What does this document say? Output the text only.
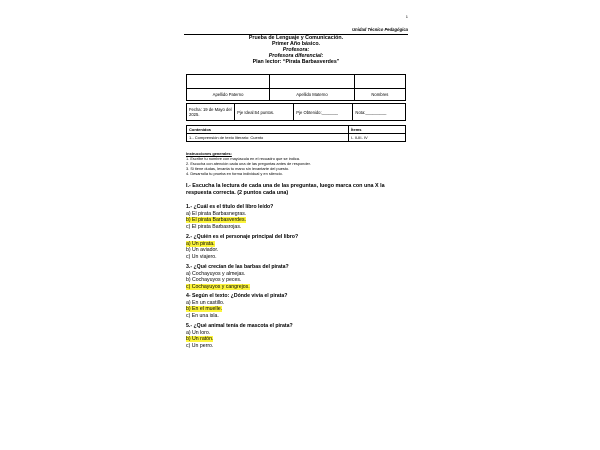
1
Unidad Técnico Pedagógica
Prueba de Lenguaje y Comunicación.
Primer Año básico.
Profesora:
Profesora diferencial:
Plan lector: “Pirata Barbasverdes”

Apellido Paterno	Apellido Materno	Nombres
Fecha: 19 de Mayo del 2025.	Pje Ideal:64 puntos.	Pje Obtenido:_______	Nota:_________
Contenidos	Ítems
1.- Comprensión de texto literario: Cuento	I- II-III- IV
Instrucciones generales:
1. Escribe tu nombre con mayúscula en el recuadro que se indica.
2. Escucha con atención cada una de las preguntas antes de responder.
3. Si tiene dudas, levanta tu mano sin levantarte del puesto.
4. Desarrolla tu prueba en forma individual y en silencio.
I.- Escucha la lectura de cada una de las preguntas, luego marca con una X la respuesta correcta. (2 puntos cada una)
1.- ¿Cuál es el título del libro leído?
a) El pirata Barbasnegras.
b) El pirata Barbasverdes.
c) El pirata Barbasrojas.
2.- ¿Quién es el personaje principal del libro?
a) Un pirata.
b) Un aviador.
c) Un viajero.
3.- ¿Qué crecían de las barbas del pirata?
a) Cochayuyos y almejas.
b) Cochayuyos y peces.
c) Cochayuyos y cangrejos.
4- Según el texto: ¿Dónde vivía el pirata?
a) En un castillo.
b) En el muelle.
c) En una isla.
5.- ¿Qué animal tenía de mascota el pirata?
a) Un loro.
b) Un ratón.
c) Un perro.
